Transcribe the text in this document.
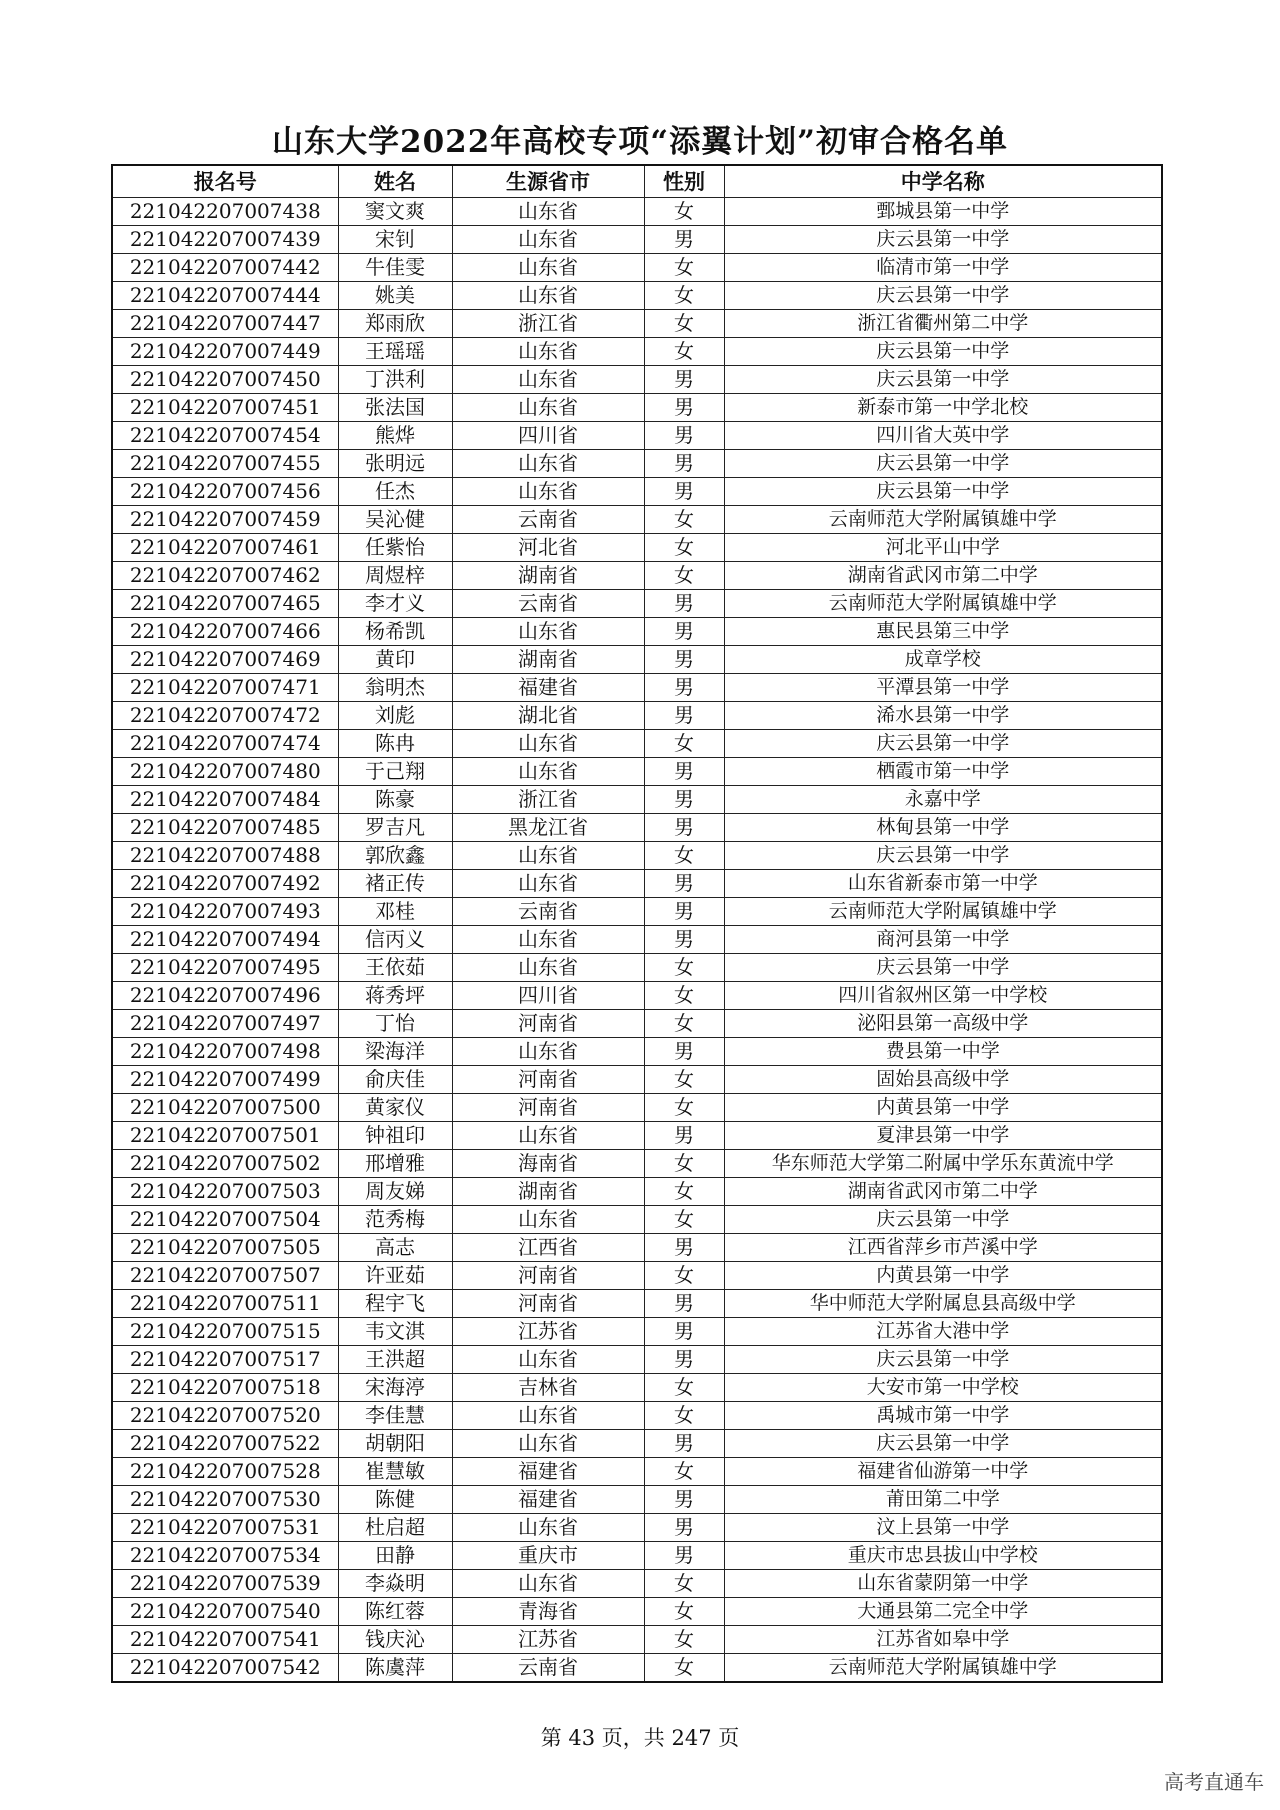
山东大学2022年高校专项“添翼计划”初审合格名单
报名号	姓名	生源省市	性别	中学名称
221042207007438	窦文爽	山东省	女	鄄城县第一中学
221042207007439	宋钊	山东省	男	庆云县第一中学
221042207007442	牛佳雯	山东省	女	临清市第一中学
221042207007444	姚美	山东省	女	庆云县第一中学
221042207007447	郑雨欣	浙江省	女	浙江省衢州第二中学
221042207007449	王瑶瑶	山东省	女	庆云县第一中学
221042207007450	丁洪利	山东省	男	庆云县第一中学
221042207007451	张法国	山东省	男	新泰市第一中学北校
221042207007454	熊烨	四川省	男	四川省大英中学
221042207007455	张明远	山东省	男	庆云县第一中学
221042207007456	任杰	山东省	男	庆云县第一中学
221042207007459	吴沁健	云南省	女	云南师范大学附属镇雄中学
221042207007461	任紫怡	河北省	女	河北平山中学
221042207007462	周煜梓	湖南省	女	湖南省武冈市第二中学
221042207007465	李才义	云南省	男	云南师范大学附属镇雄中学
221042207007466	杨希凯	山东省	男	惠民县第三中学
221042207007469	黄印	湖南省	男	成章学校
221042207007471	翁明杰	福建省	男	平潭县第一中学
221042207007472	刘彪	湖北省	男	浠水县第一中学
221042207007474	陈冉	山东省	女	庆云县第一中学
221042207007480	于己翔	山东省	男	栖霞市第一中学
221042207007484	陈豪	浙江省	男	永嘉中学
221042207007485	罗吉凡	黑龙江省	男	林甸县第一中学
221042207007488	郭欣鑫	山东省	女	庆云县第一中学
221042207007492	褚正传	山东省	男	山东省新泰市第一中学
221042207007493	邓桂	云南省	男	云南师范大学附属镇雄中学
221042207007494	信丙义	山东省	男	商河县第一中学
221042207007495	王依茹	山东省	女	庆云县第一中学
221042207007496	蒋秀坪	四川省	女	四川省叙州区第一中学校
221042207007497	丁怡	河南省	女	泌阳县第一高级中学
221042207007498	梁海洋	山东省	男	费县第一中学
221042207007499	俞庆佳	河南省	女	固始县高级中学
221042207007500	黄家仪	河南省	女	内黄县第一中学
221042207007501	钟祖印	山东省	男	夏津县第一中学
221042207007502	邢增雅	海南省	女	华东师范大学第二附属中学乐东黄流中学
221042207007503	周友娣	湖南省	女	湖南省武冈市第二中学
221042207007504	范秀梅	山东省	女	庆云县第一中学
221042207007505	高志	江西省	男	江西省萍乡市芦溪中学
221042207007507	许亚茹	河南省	女	内黄县第一中学
221042207007511	程宇飞	河南省	男	华中师范大学附属息县高级中学
221042207007515	韦文淇	江苏省	男	江苏省大港中学
221042207007517	王洪超	山东省	男	庆云县第一中学
221042207007518	宋海渟	吉林省	女	大安市第一中学校
221042207007520	李佳慧	山东省	女	禹城市第一中学
221042207007522	胡朝阳	山东省	男	庆云县第一中学
221042207007528	崔慧敏	福建省	女	福建省仙游第一中学
221042207007530	陈健	福建省	男	莆田第二中学
221042207007531	杜启超	山东省	男	汶上县第一中学
221042207007534	田静	重庆市	男	重庆市忠县拔山中学校
221042207007539	李焱明	山东省	女	山东省蒙阴第一中学
221042207007540	陈红蓉	青海省	女	大通县第二完全中学
221042207007541	钱庆沁	江苏省	女	江苏省如皋中学
221042207007542	陈虞萍	云南省	女	云南师范大学附属镇雄中学
第 43 页，共 247 页
高考直通车
